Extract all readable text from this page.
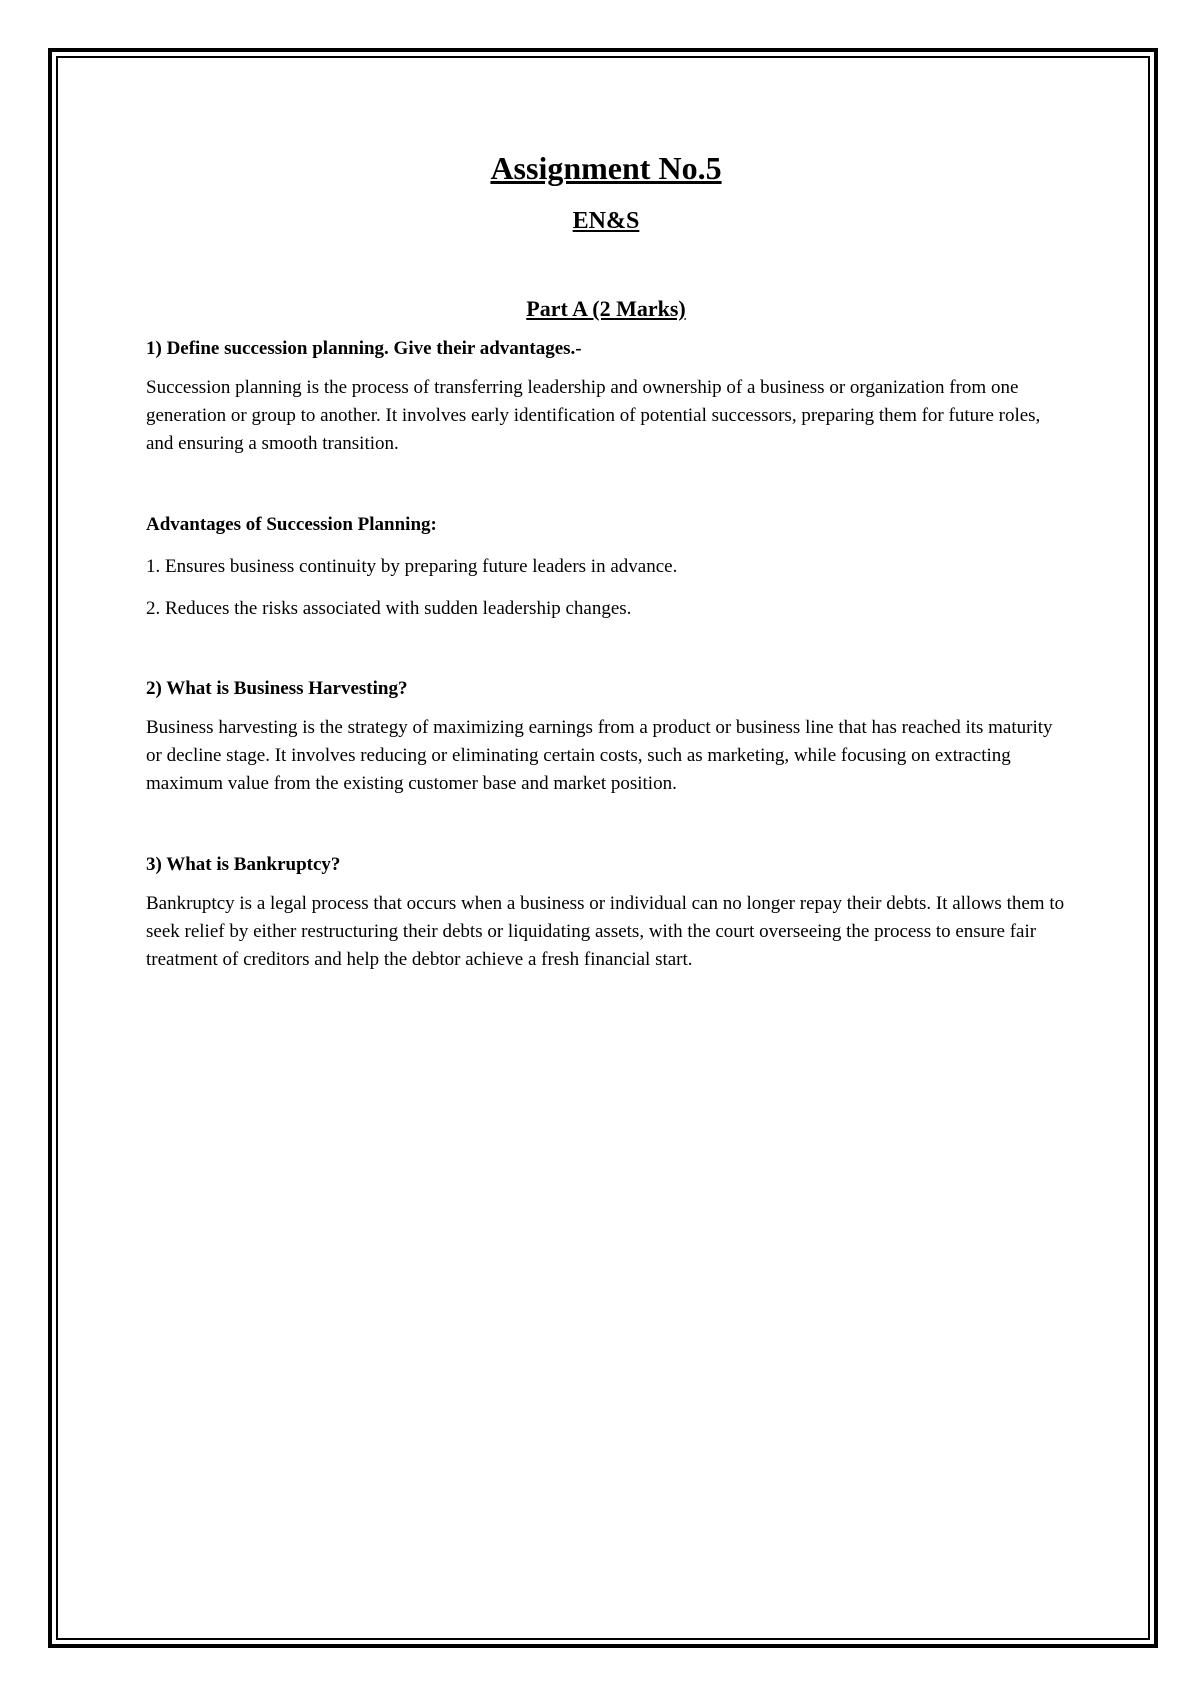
Assignment No.5
EN&S
Part A (2 Marks)
1) Define succession planning. Give their advantages.-
Succession planning is the process of transferring leadership and ownership of a business or organization from one generation or group to another. It involves early identification of potential successors, preparing them for future roles, and ensuring a smooth transition.
Advantages of Succession Planning:
1. Ensures business continuity by preparing future leaders in advance.
2. Reduces the risks associated with sudden leadership changes.
2) What is Business Harvesting?
Business harvesting is the strategy of maximizing earnings from a product or business line that has reached its maturity or decline stage. It involves reducing or eliminating certain costs, such as marketing, while focusing on extracting maximum value from the existing customer base and market position.
3) What is Bankruptcy?
Bankruptcy is a legal process that occurs when a business or individual can no longer repay their debts. It allows them to seek relief by either restructuring their debts or liquidating assets, with the court overseeing the process to ensure fair treatment of creditors and help the debtor achieve a fresh financial start.
